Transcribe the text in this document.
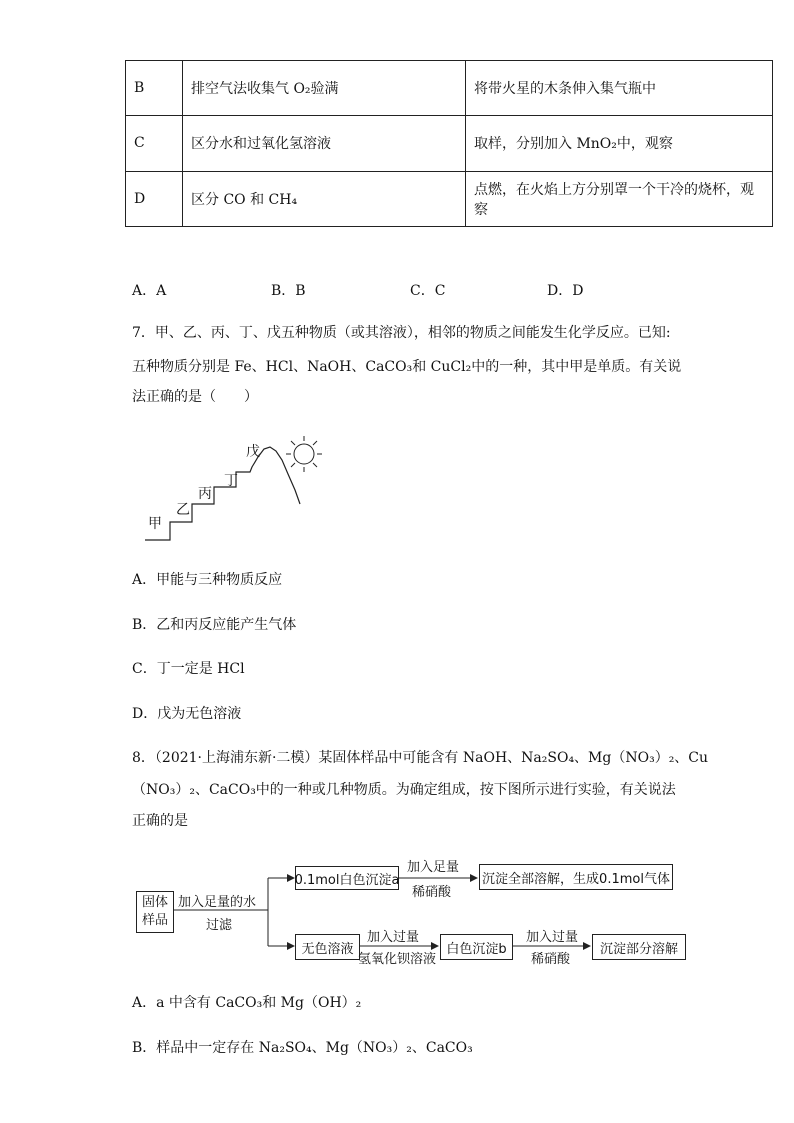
B	排空气法收集气 O₂验满	将带火星的木条伸入集气瓶中
C	区分水和过氧化氢溶液	取样，分别加入 MnO₂中，观察
D	区分 CO 和 CH₄	点燃，在火焰上方分别罩一个干冷的烧杯，观察
A．A	B．B	C．C	D．D
7．甲、乙、丙、丁、戊五种物质（或其溶液），相邻的物质之间能发生化学反应。已知:
五种物质分别是 Fe、HCl、NaOH、CaCO₃和 CuCl₂中的一种，其中甲是单质。有关说
法正确的是（　　）
甲
乙
丙
丁
戊
A．甲能与三种物质反应
B．乙和丙反应能产生气体
C．丁一定是 HCl
D．戊为无色溶液
8．（2021·上海浦东新·二模）某固体样品中可能含有 NaOH、Na₂SO₄、Mg（NO₃）₂、Cu
（NO₃）₂、CaCO₃中的一种或几种物质。为确定组成，按下图所示进行实验，有关说法
正确的是
固体样品
加入足量的水
过滤
0.1mol白色沉淀a
加入足量
稀硝酸
沉淀全部溶解，生成0.1mol气体
无色溶液
加入过量
氢氧化钡溶液
白色沉淀b
加入过量
稀硝酸
沉淀部分溶解
A．a 中含有 CaCO₃和 Mg（OH）₂
B．样品中一定存在 Na₂SO₄、Mg（NO₃）₂、CaCO₃
